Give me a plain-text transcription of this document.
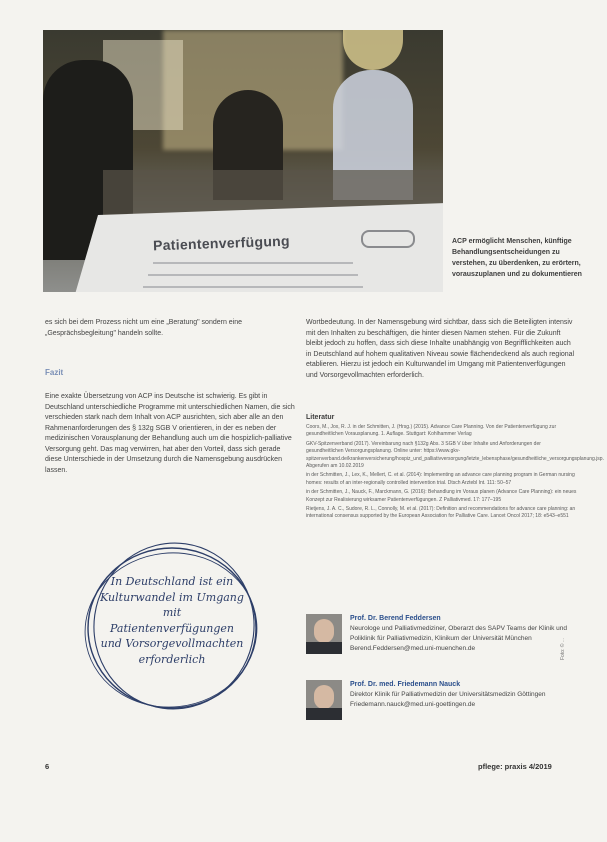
Patientenverfügung	ACP ermöglicht Menschen, künftige Behandlungsentscheidungen zu verstehen, zu überdenken, zu erörtern, vorauszuplanen und zu dokumentieren
es sich bei dem Prozess nicht um eine „Beratung" sondern eine „Gesprächsbegleitung" handeln sollte.
Fazit
Eine exakte Übersetzung von ACP ins Deutsche ist schwierig. Es gibt in Deutschland unterschiedliche Programme mit unterschiedlichen Namen, die sich verschieden stark nach dem Inhalt von ACP ausrichten, sich aber alle an den Rahmenanforderungen des § 132g SGB V orientieren, in der es neben der medizinischen Vorausplanung der Behandlung auch um die hospizlich-palliative Versorgung geht. Das mag verwirren, hat aber den Vorteil, dass sich gerade diese Unterschiede in der Umsetzung durch die Namensgebung ausdrücken lassen.
Wortbedeutung. In der Namensgebung wird sichtbar, dass sich die Beteiligten intensiv mit den Inhalten zu beschäftigen, die hinter diesen Namen stehen. Für die Zukunft bleibt jedoch zu hoffen, dass sich diese Inhalte unabhängig von Begrifflichkeiten auch in Deutschland auf hohem qualitativen Niveau sowie flächendeckend als auch regional etablieren. Hierzu ist jedoch ein Kulturwandel im Umgang mit Patientenverfügungen und Vorsorgevollmachten erforderlich.
Literatur
Coors, M., Jox, R. J. in der Schmitten, J. (Hrsg.) (2015). Advance Care Planning. Von der Patientenverfügung zur gesundheitlichen Vorausplanung. 1. Auflage. Stuttgart: Kohlhammer Verlag
GKV-Spitzenverband (2017). Vereinbarung nach §132g Abs. 3 SGB V über Inhalte und Anforderungen der gesundheitlichen Versorgungsplanung. Online unter: https://www.gkv-spitzenverband.de/krankenversicherung/hospiz_und_palliativversorgung/letzte_lebensphase/gesundheitliche_versorgungsplanung.jsp. Abgerufen am 10.02.2019
in der Schmitten, J., Lex, K., Mellert, C. et al. (2014): Implementing an advance care planning program in German nursing homes: results of an inter-regionally controlled intervention trial. Dtsch Arztebl Int. 111: 50–57
in der Schmitten, J., Nauck, F., Marckmann, G. (2016): Behandlung im Voraus planen (Advance Care Planning): ein neues Konzept zur Realisierung wirksamer Patientenverfügungen. Z Palliativmed. 17: 177–195
Rietjens, J. A. C., Sudore, R. L., Connolly, M. et al. (2017): Definition and recommendations for advance care planning: an international consensus supported by the European Association for Palliative Care. Lancet Oncol 2017; 18: e543–e551
In Deutschland ist ein Kulturwandel im Umgang mit Patientenverfügungen und Vorsorgevollmachten erforderlich
Prof. Dr. Berend Feddersen
Neurologe und Palliativmediziner, Oberarzt des SAPV Teams der Klinik und Poliklinik für Palliativmedizin, Klinikum der Universität München
Berend.Feddersen@med.uni-muenchen.de
Prof. Dr. med. Friedemann Nauck
Direktor Klinik für Palliativmedizin der Universitätsmedizin Göttingen
Friedemann.nauck@med.uni-goettingen.de
Foto: © ...
6	pflege: praxis 4/2019
